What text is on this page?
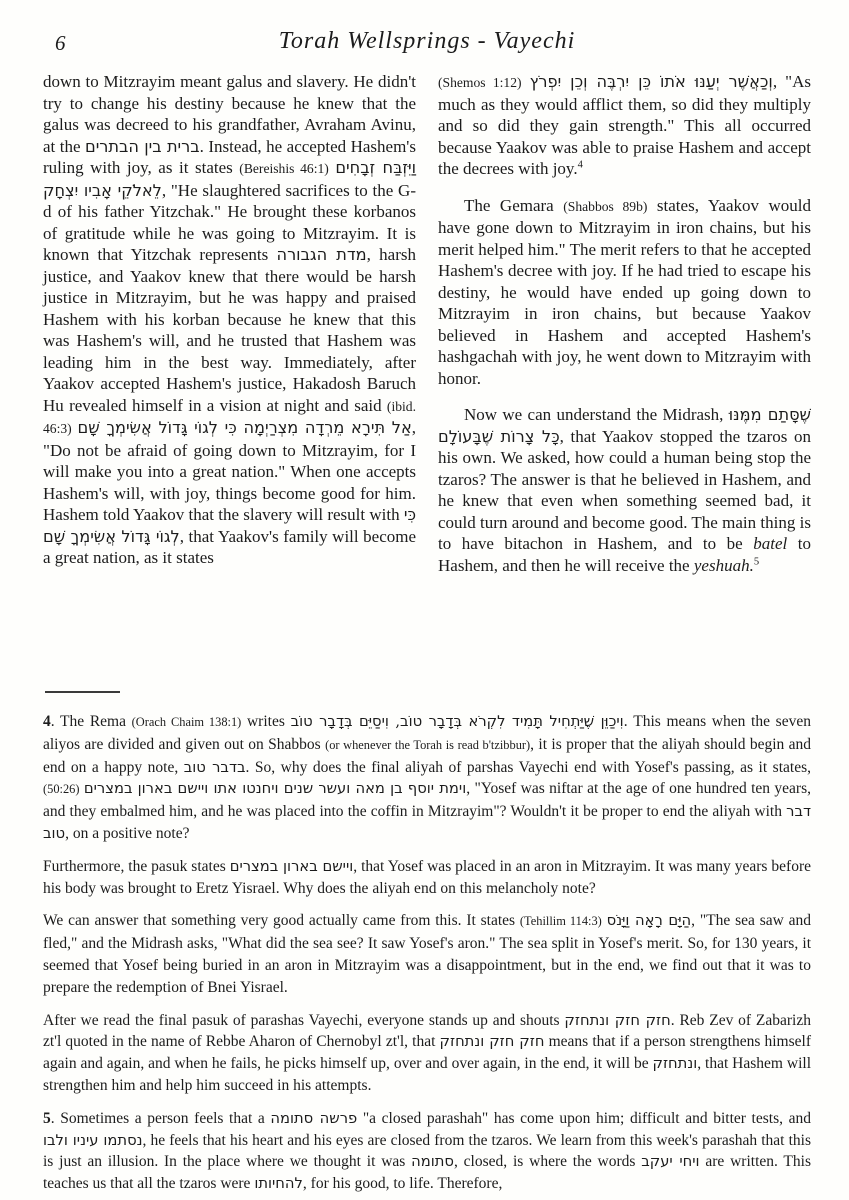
6	Torah Wellsprings - Vayechi

down to Mitzrayim meant galus and slavery. He didn't try to change his destiny because he knew that the galus was decreed to his grandfather, Avraham Avinu, at the ברית בין הבתרים. Instead, he accepted Hashem's ruling with joy, as it states (Bereishis 46:1) וַיִּזְבַּח זְבָחִים לֵאלֹקֵי אָבִיו יִצְחָק, "He slaughtered sacrifices to the G-d of his father Yitzchak." He brought these korbanos of gratitude while he was going to Mitzrayim. It is known that Yitzchak represents מדת הגבורה, harsh justice, and Yaakov knew that there would be harsh justice in Mitzrayim, but he was happy and praised Hashem with his korban because he knew that this was Hashem's will, and he trusted that Hashem was leading him in the best way. Immediately, after Yaakov accepted Hashem's justice, Hakadosh Baruch Hu revealed himself in a vision at night and said (ibid. 46:3) אַל תִּירָא מֵרְדָה מִצְרַיְמָה כִּי לְגוֹי גָּדוֹל אֲשִׂימְךָ שָׁם, "Do not be afraid of going down to Mitzrayim, for I will make you into a great nation." When one accepts Hashem's will, with joy, things become good for him. Hashem told Yaakov that the slavery will result with כִּי לְגוֹי גָּדוֹל אֲשִׂימְךָ שָׁם, that Yaakov's family will become a great nation, as it states

(Shemos 1:12) וְכַאֲשֶׁר יְעַנּוּ אֹתוֹ כֵּן יִרְבֶּה וְכֵן יִפְרֹץ, "As much as they would afflict them, so did they multiply and so did they gain strength." This all occurred because Yaakov was able to praise Hashem and accept the decrees with joy.$^4$

The Gemara (Shabbos 89b) states, Yaakov would have gone down to Mitzrayim in iron chains, but his merit helped him." The merit refers to that he accepted Hashem's decree with joy. If he had tried to escape his destiny, he would have ended up going down to Mitzrayim in iron chains, but because Yaakov believed in Hashem and accepted Hashem's hashgachah with joy, he went down to Mitzrayim with honor.

Now we can understand the Midrash, שֶׁסָּתַם מִמֶּנּוּ כָּל צָרוֹת שֶׁבָּעוֹלָם, that Yaakov stopped the tzaros on his own. We asked, how could a human being stop the tzaros? The answer is that he believed in Hashem, and he knew that even when something seemed bad, it could turn around and become good. The main thing is to have bitachon in Hashem, and to be batel to Hashem, and then he will receive the yeshuah.$^5$

4. The Rema (Orach Chaim 138:1) writes וִיכַוֵּן שֶׁיַּתְחִיל תָּמִיד לִקְרֹא בְּדָבָר טוֹב, וִיסַיֵּם בְּדָבָר טוֹב. This means when the seven aliyos are divided and given out on Shabbos (or whenever the Torah is read b'tzibbur), it is proper that the aliyah should begin and end on a happy note, בדבר טוב. So, why does the final aliyah of parshas Vayechi end with Yosef's passing, as it states, (50:26) וימת יוסף בן מאה ועשר שנים ויחנטו אתו ויישם בארון במצרים, "Yosef was niftar at the age of one hundred ten years, and they embalmed him, and he was placed into the coffin in Mitzrayim"? Wouldn't it be proper to end the aliyah with דבר טוב, on a positive note?

Furthermore, the pasuk states ויישם בארון במצרים, that Yosef was placed in an aron in Mitzrayim. It was many years before his body was brought to Eretz Yisrael. Why does the aliyah end on this melancholy note?

We can answer that something very good actually came from this. It states (Tehillim 114:3) הַיָּם רָאָה וַיָּנֹס, "The sea saw and fled," and the Midrash asks, "What did the sea see? It saw Yosef's aron." The sea split in Yosef's merit. So, for 130 years, it seemed that Yosef being buried in an aron in Mitzrayim was a disappointment, but in the end, we find out that it was to prepare the redemption of Bnei Yisrael.

After we read the final pasuk of parashas Vayechi, everyone stands up and shouts חזק חזק ונתחזק. Reb Zev of Zabarizh zt'l quoted in the name of Rebbe Aharon of Chernobyl zt'l, that חזק חזק ונתחזק means that if a person strengthens himself again and again, and when he fails, he picks himself up, over and over again, in the end, it will be ונתחזק, that Hashem will strengthen him and help him succeed in his attempts.

5. Sometimes a person feels that a פרשה סתומה "a closed parashah" has come upon him; difficult and bitter tests, and נסתמו עיניו ולבו, he feels that his heart and his eyes are closed from the tzaros. We learn from this week's parashah that this is just an illusion. In the place where we thought it was סתומה, closed, is where the words ויחי יעקב are written. This teaches us that all the tzaros were להחיותו, for his good, to life. Therefore,
